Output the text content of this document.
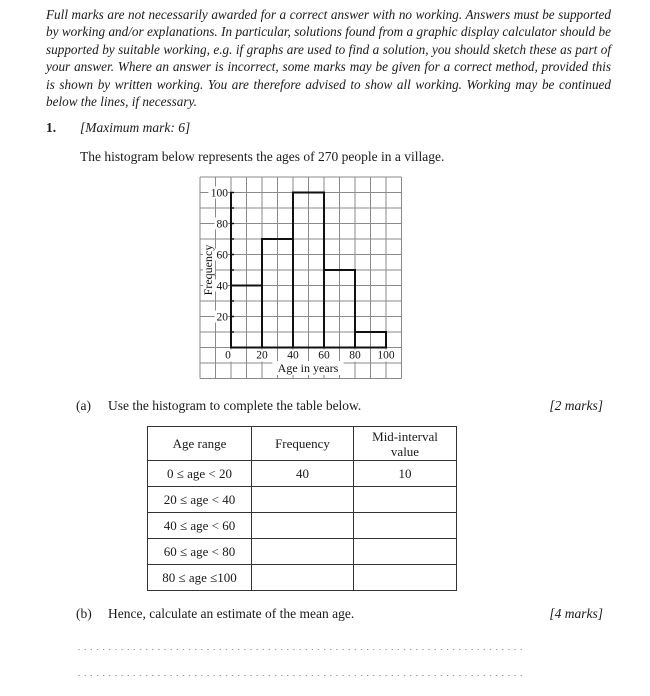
Full marks are not necessarily awarded for a correct answer with no working. Answers must be supported by working and/or explanations. In particular, solutions found from a graphic display calculator should be supported by suitable working, e.g. if graphs are used to find a solution, you should sketch these as part of your answer. Where an answer is incorrect, some marks may be given for a correct method, provided this is shown by written working. You are therefore advised to show all working. Working may be continued below the lines, if necessary.
1. [Maximum mark: 6]
The histogram below represents the ages of 270 people in a village.
0 20 40 60 80 100
20
40
60
80
100
Age in years
Frequency
(a) Use the histogram to complete the table below.	[2 marks]
Age range	Frequency	Mid-interval
value
0 ≤ age < 20	40	10
20 ≤ age < 40		
40 ≤ age < 60		
60 ≤ age < 80		
80 ≤ age ≤100		
(b) Hence, calculate an estimate of the mean age.	[4 marks]
